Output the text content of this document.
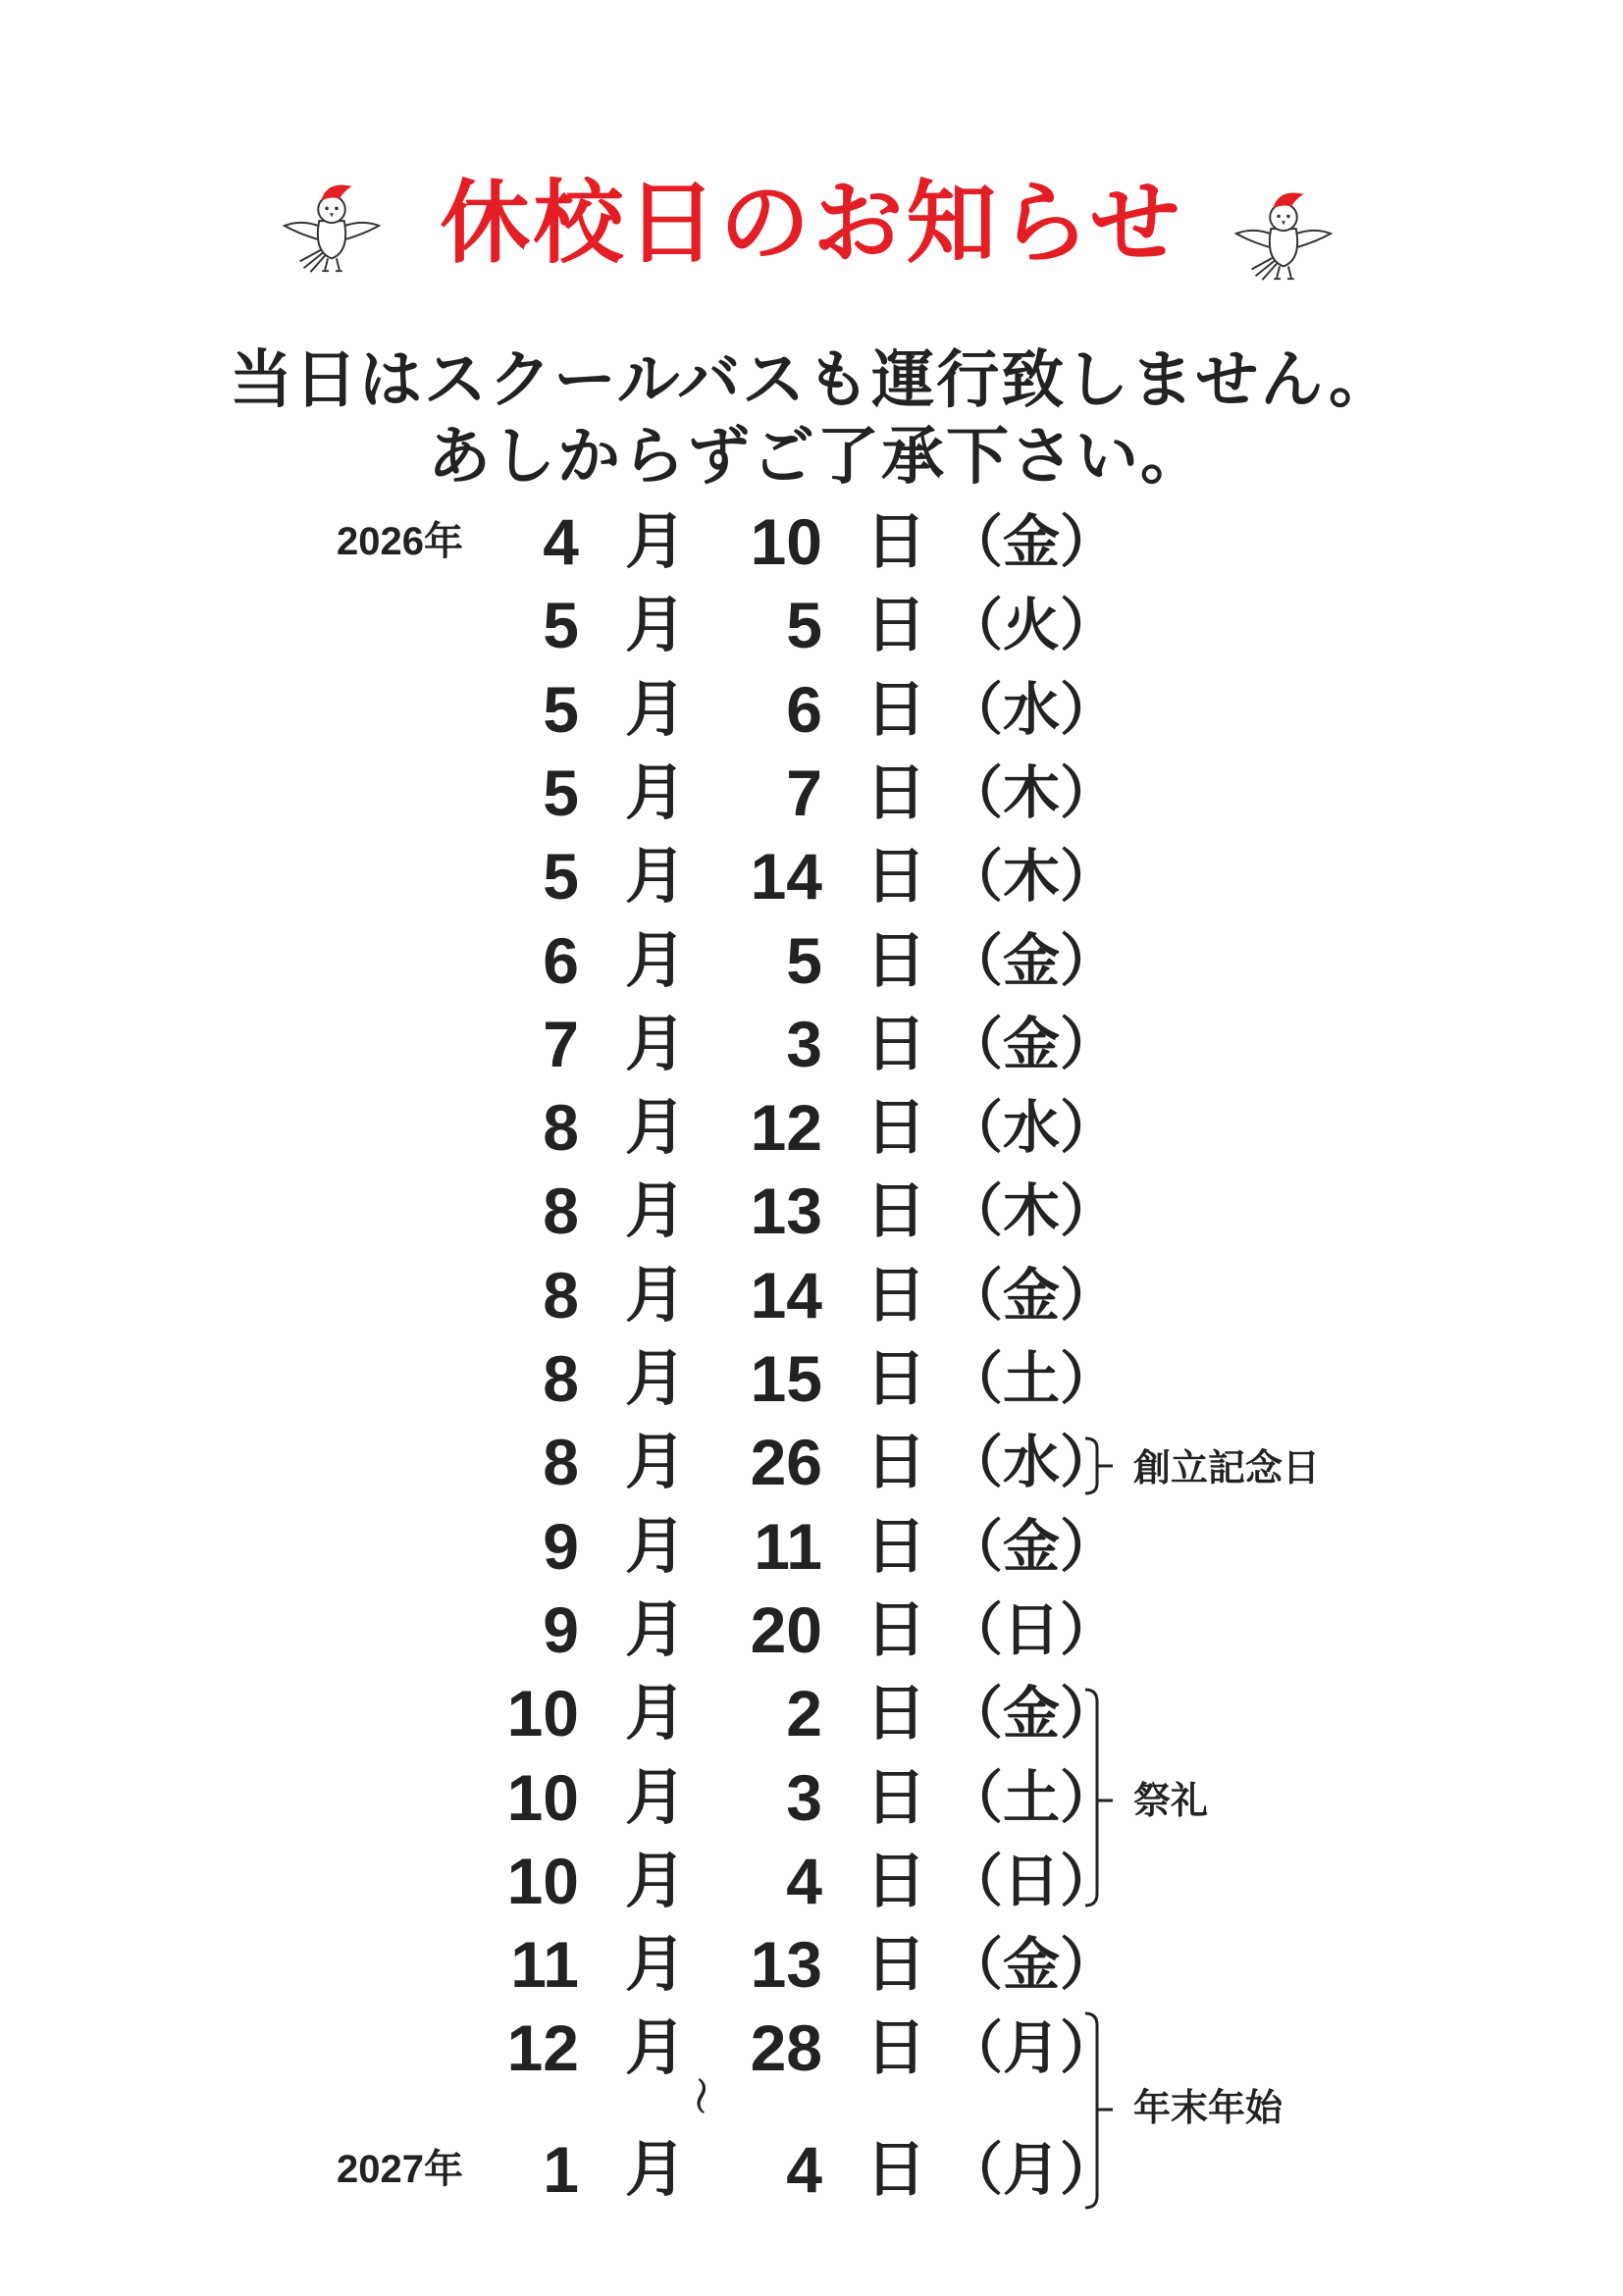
休校日のお知らせ
当日はスクールバスも運行致しません。
あしからずご了承下さい。
2026年	4 月 10 日 （金）
5 月	5 日 （火）
5 月	6 日 （水）
5 月	7 日 （木）
5 月 14 日 （木）
6 月	5 日 （金）
7 月	3 日 （金）
8 月 12 日 （水）
8 月 13 日 （木）
8 月 14 日 （金）
8 月 15 日 （土）
8 月 26 日 （水）
9 月	11 日 （金）
9 月 20 日 （日）
10 月	2 日 （金）
10 月	3 日 （土）
10 月	4 日 （日）
11 月 13 日 （金）
12 月 28 日 （月）
2027年	1 月	4 日 （月）
～
創立記念日
祭礼
年末年始
